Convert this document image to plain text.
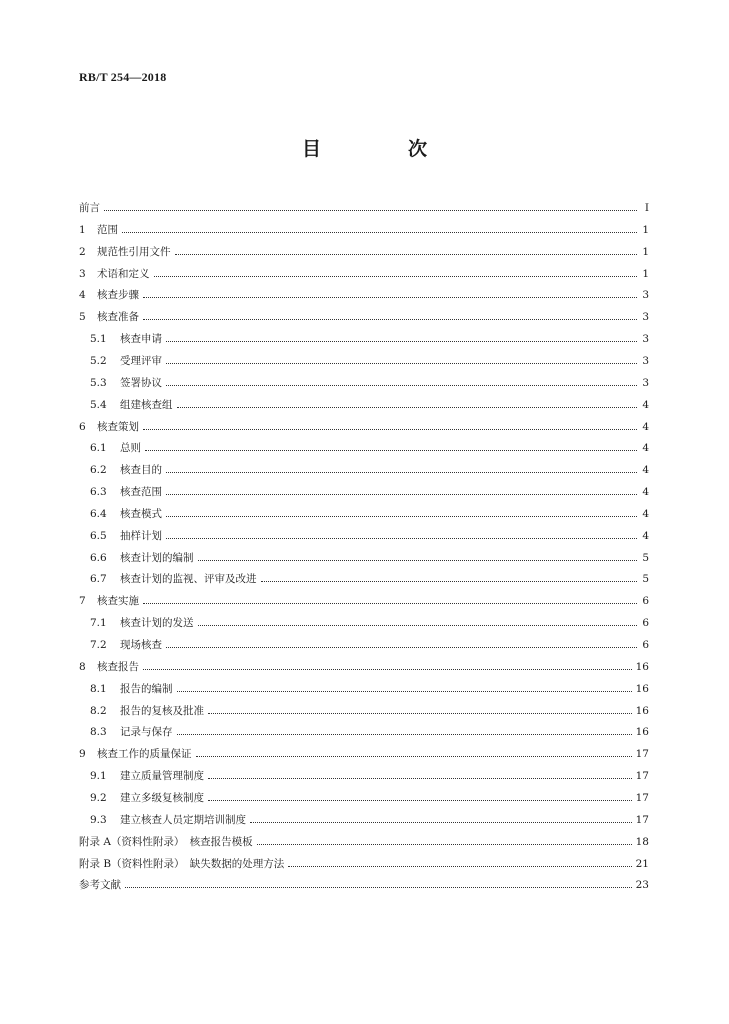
RB/T 254—2018
目　次
前言	Ⅰ
1	范围	1
2	规范性引用文件	1
3	术语和定义	1
4	核查步骤	3
5	核查准备	3
5.1	核查申请	3
5.2	受理评审	3
5.3	签署协议	3
5.4	组建核查组	4
6	核查策划	4
6.1	总则	4
6.2	核查目的	4
6.3	核查范围	4
6.4	核查模式	4
6.5	抽样计划	4
6.6	核查计划的编制	5
6.7	核查计划的监视、评审及改进	5
7	核查实施	6
7.1	核查计划的发送	6
7.2	现场核查	6
8	核查报告	16
8.1	报告的编制	16
8.2	报告的复核及批准	16
8.3	记录与保存	16
9	核查工作的质量保证	17
9.1	建立质量管理制度	17
9.2	建立多级复核制度	17
9.3	建立核查人员定期培训制度	17
附录 A（资料性附录）　核查报告模板	18
附录 B（资料性附录）　缺失数据的处理方法	21
参考文献	23
